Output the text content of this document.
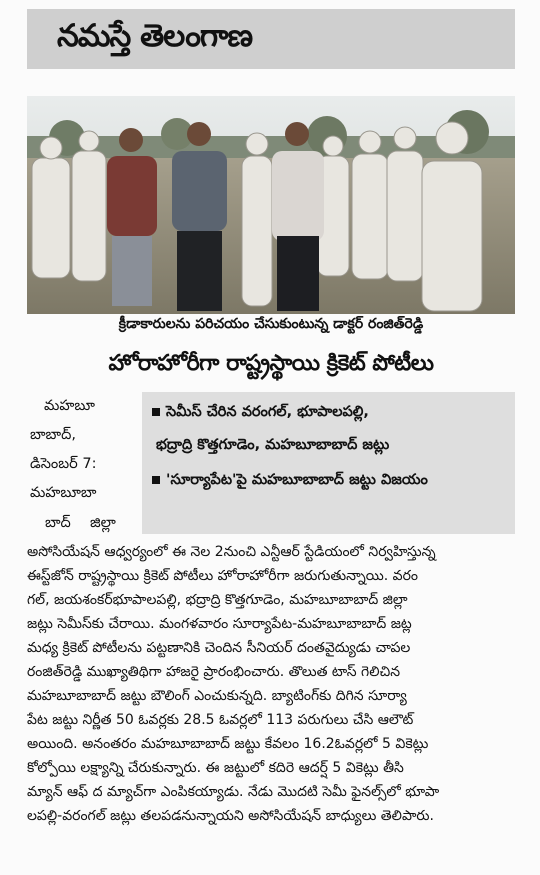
నమస్తే తెలంగాణ
క్రీడాకారులను పరిచయం చేసుకుంటున్న డాక్టర్ రంజిత్‌రెడ్డి
హోరాహోరీగా రాష్ట్రస్థాయి క్రికెట్ పోటీలు
మహబూ
బాబాద్,
డిసెంబర్ 7:
మహబూబా
బాద్ జిల్లా
సెమీస్ చేరిన వరంగల్, భూపాలపల్లి,
భద్రాద్రి కొత్తగూడెం, మహబూబాబాద్ జట్లు
'సూర్యాపేట'పై మహబూబాబాద్ జట్టు విజయం
అసోసియేషన్ ఆధ్వర్యంలో ఈ నెల 2నుంచి ఎన్టీఆర్ స్టేడియంలో నిర్వహిస్తున్న
ఈస్ట్‌జోన్ రాష్ట్రస్థాయి క్రికెట్ పోటీలు హోరాహోరీగా జరుగుతున్నాయి. వరం
గల్, జయశంకర్‌భూపాలపల్లి, భద్రాద్రి కొత్తగూడెం, మహబూబాబాద్ జిల్లా
జట్లు సెమీస్‌కు చేరాయి. మంగళవారం సూర్యాపేట-మహబూబాబాద్ జట్ల
మధ్య క్రికెట్ పోటీలను పట్టణానికి చెందిన సీనియర్ దంతవైద్యుడు చాపల
రంజిత్‌రెడ్డి ముఖ్యాతిథిగా హాజరై ప్రారంభించారు. తొలుత టాస్ గెలిచిన
మహబూబాబాద్ జట్టు బౌలింగ్ ఎంచుకున్నది. బ్యాటింగ్‌కు దిగిన సూర్యా
పేట జట్టు నిర్ణీత 50 ఓవర్లకు 28.5 ఓవర్లలో 113 పరుగులు చేసి ఆలౌట్
అయింది. అనంతరం మహబూబాబాద్ జట్టు కేవలం 16.2ఓవర్లలో 5 వికెట్లు
కోల్పోయి లక్ష్యాన్ని చేరుకున్నారు. ఈ జట్టులో కదిరె ఆదర్ష్ 5 వికెట్లు తీసి
మ్యాన్ ఆఫ్ ద మ్యాచ్‌గా ఎంపికయ్యాడు. నేడు మొదటి సెమీ ఫైనల్స్‌లో భూపా
లపల్లి-వరంగల్ జట్లు తలపడనున్నాయని అసోసియేషన్ బాధ్యులు తెలిపారు.
